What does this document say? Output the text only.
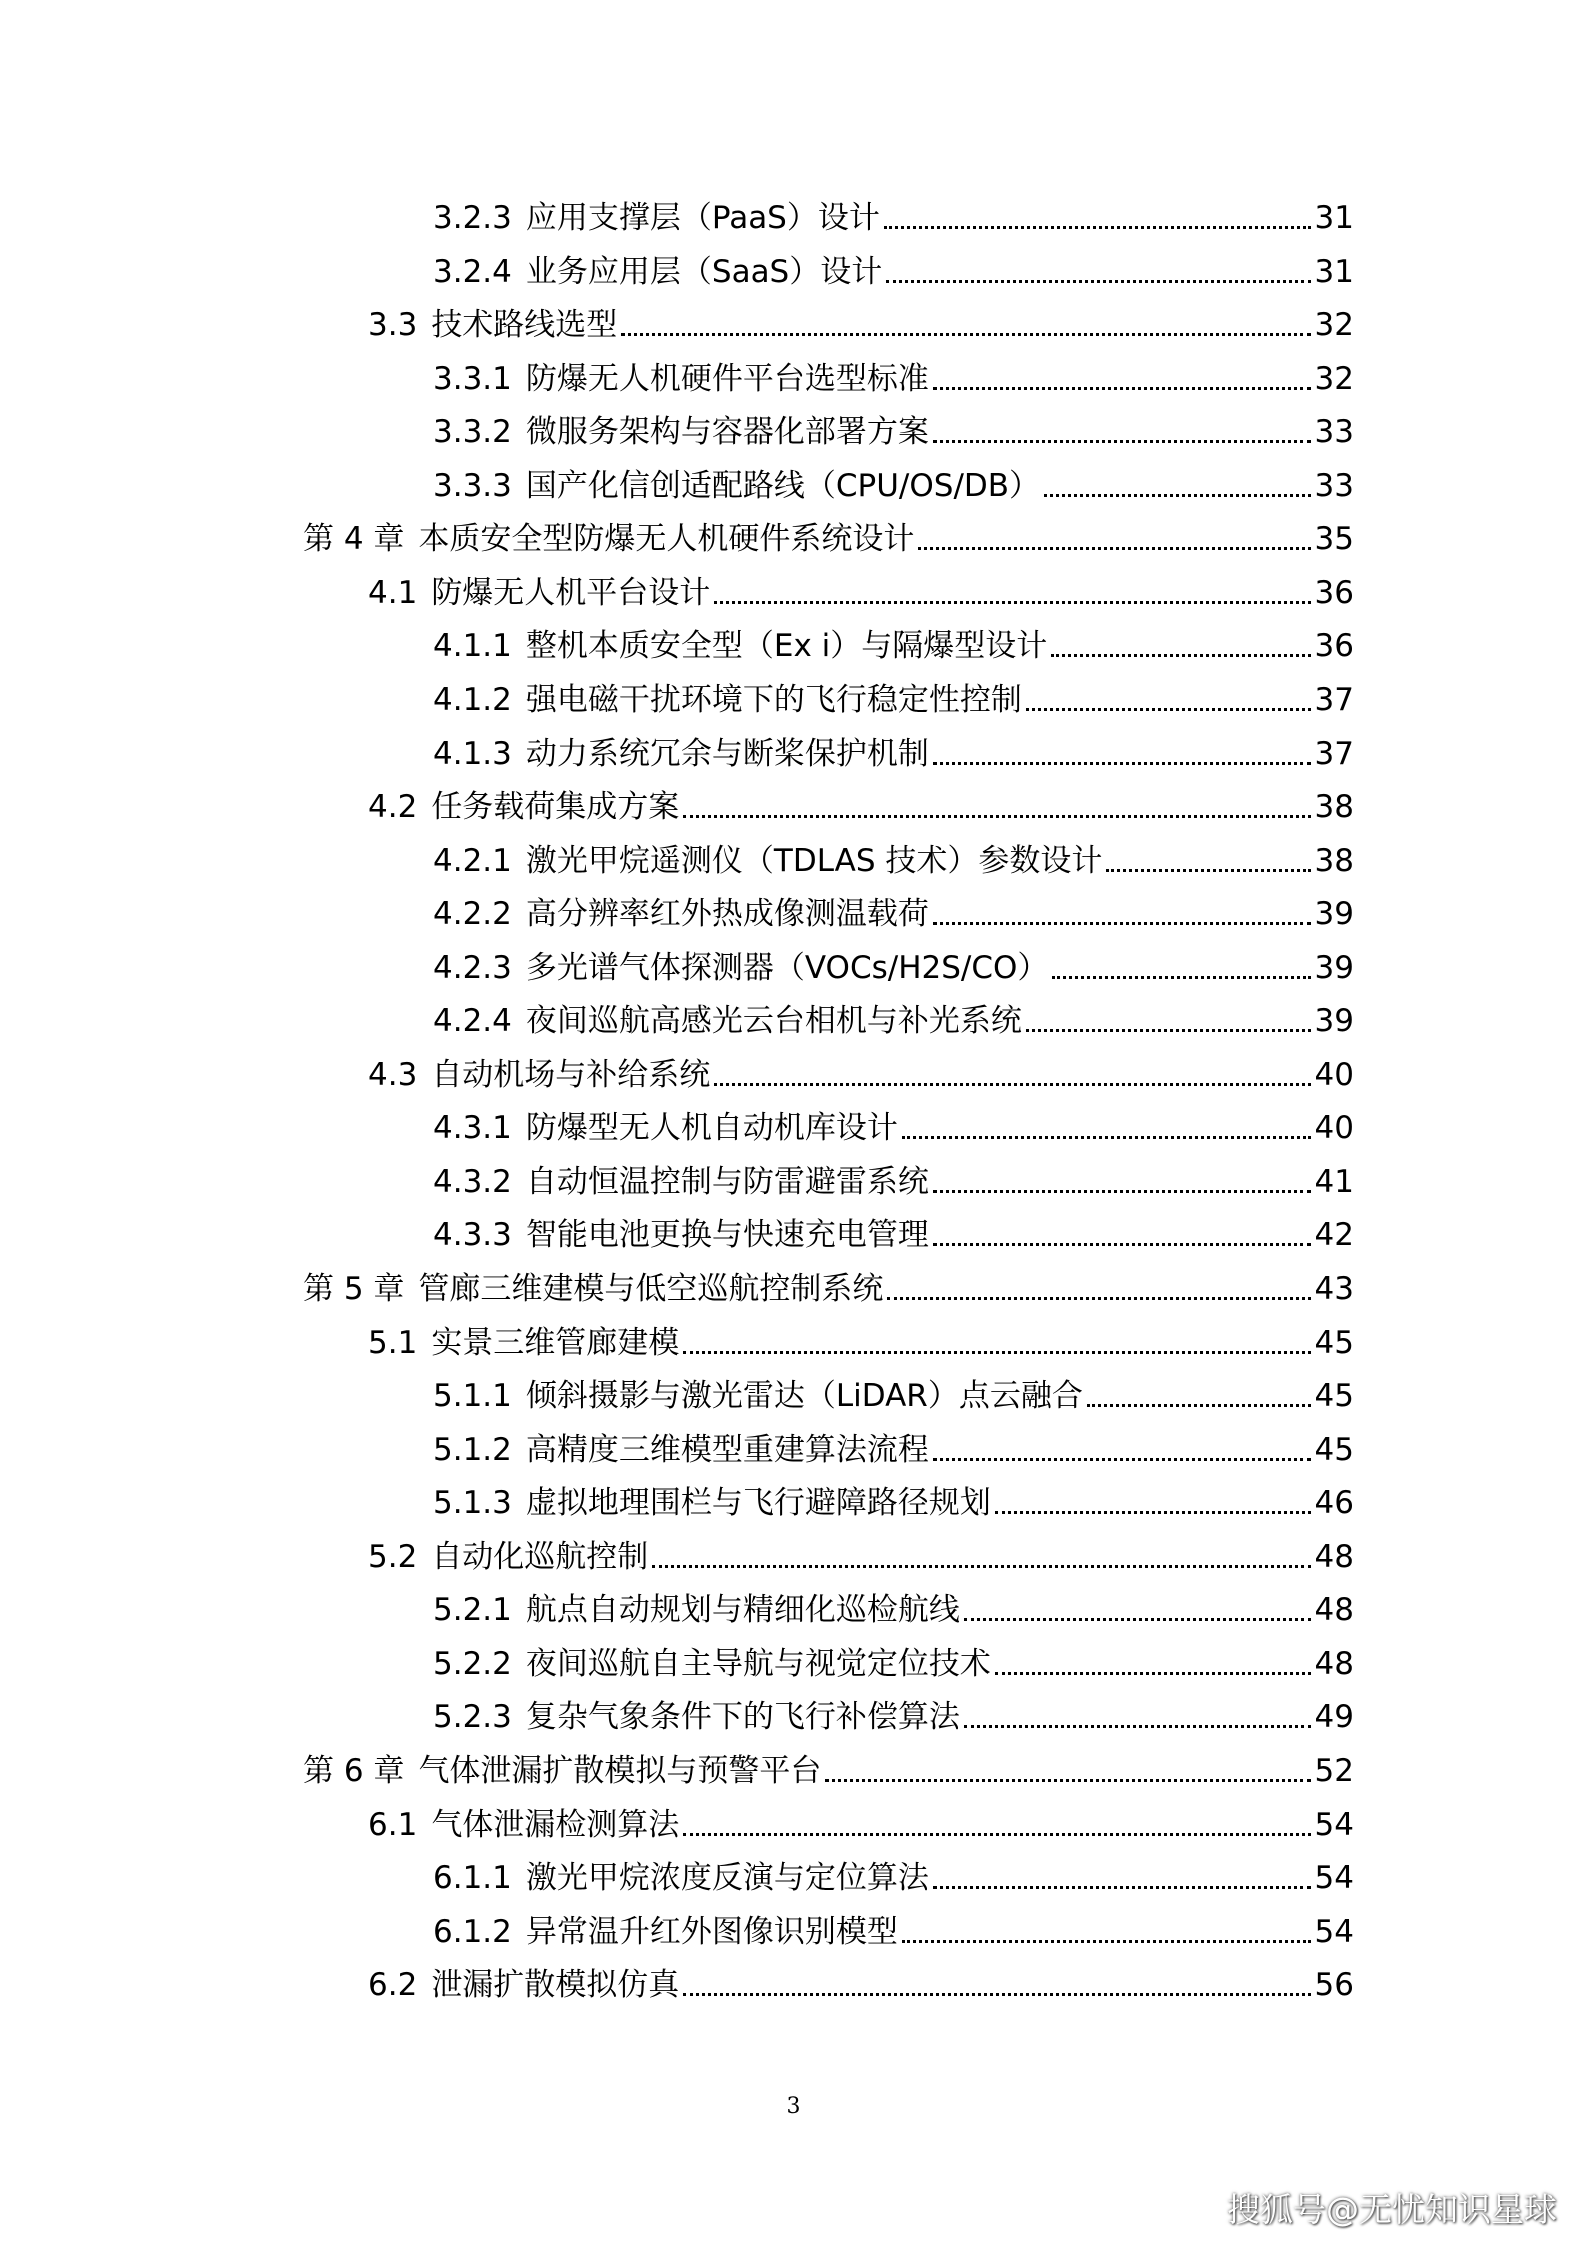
3.2.3 应用支撑层（PaaS）设计	31
3.2.4 业务应用层（SaaS）设计	31
3.3 技术路线选型	32
3.3.1 防爆无人机硬件平台选型标准	32
3.3.2 微服务架构与容器化部署方案	33
3.3.3 国产化信创适配路线（CPU/OS/DB）	33
第 4 章 本质安全型防爆无人机硬件系统设计	35
4.1 防爆无人机平台设计	36
4.1.1 整机本质安全型（Ex i）与隔爆型设计	36
4.1.2 强电磁干扰环境下的飞行稳定性控制	37
4.1.3 动力系统冗余与断桨保护机制	37
4.2 任务载荷集成方案	38
4.2.1 激光甲烷遥测仪（TDLAS 技术）参数设计	38
4.2.2 高分辨率红外热成像测温载荷	39
4.2.3 多光谱气体探测器（VOCs/H2S/CO）	39
4.2.4 夜间巡航高感光云台相机与补光系统	39
4.3 自动机场与补给系统	40
4.3.1 防爆型无人机自动机库设计	40
4.3.2 自动恒温控制与防雷避雷系统	41
4.3.3 智能电池更换与快速充电管理	42
第 5 章 管廊三维建模与低空巡航控制系统	43
5.1 实景三维管廊建模	45
5.1.1 倾斜摄影与激光雷达（LiDAR）点云融合	45
5.1.2 高精度三维模型重建算法流程	45
5.1.3 虚拟地理围栏与飞行避障路径规划	46
5.2 自动化巡航控制	48
5.2.1 航点自动规划与精细化巡检航线	48
5.2.2 夜间巡航自主导航与视觉定位技术	48
5.2.3 复杂气象条件下的飞行补偿算法	49
第 6 章 气体泄漏扩散模拟与预警平台	52
6.1 气体泄漏检测算法	54
6.1.1 激光甲烷浓度反演与定位算法	54
6.1.2 异常温升红外图像识别模型	54
6.2 泄漏扩散模拟仿真	56
3
搜狐号@无忧知识星球
